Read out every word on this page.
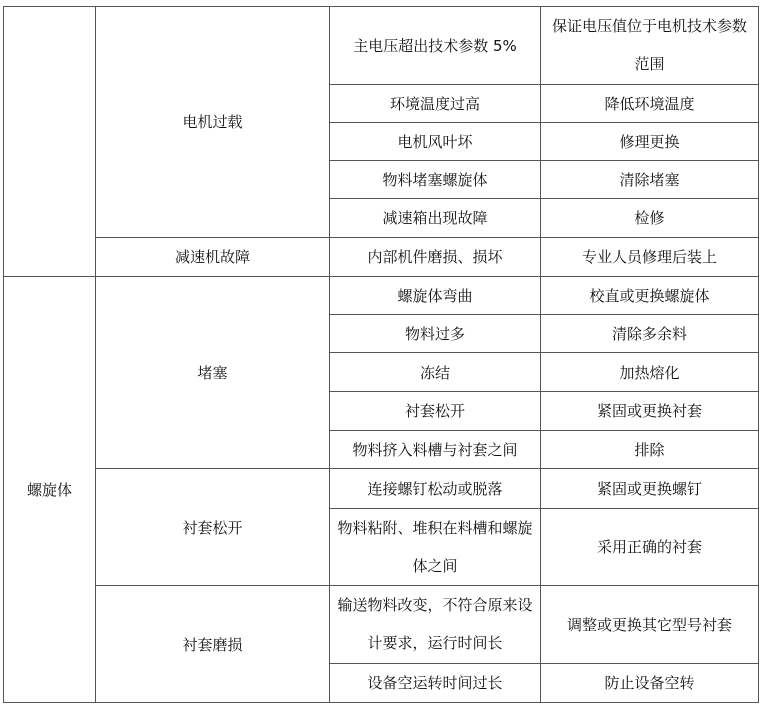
	电机过载	主电压超出技术参数 5%	保证电压值位于电机技术参数范围
		环境温度过高	降低环境温度
		电机风叶坏	修理更换
		物料堵塞螺旋体	清除堵塞
		减速箱出现故障	检修
	减速机故障	内部机件磨损、损坏	专业人员修理后装上
螺旋体	堵塞	螺旋体弯曲	校直或更换螺旋体
		物料过多	清除多余料
		冻结	加热熔化
		衬套松开	紧固或更换衬套
		物料挤入料槽与衬套之间	排除
	衬套松开	连接螺钉松动或脱落	紧固或更换螺钉
		物料粘附、堆积在料槽和螺旋体之间	采用正确的衬套
	衬套磨损	输送物料改变，不符合原来设计要求，运行时间长	调整或更换其它型号衬套
		设备空运转时间过长	防止设备空转
